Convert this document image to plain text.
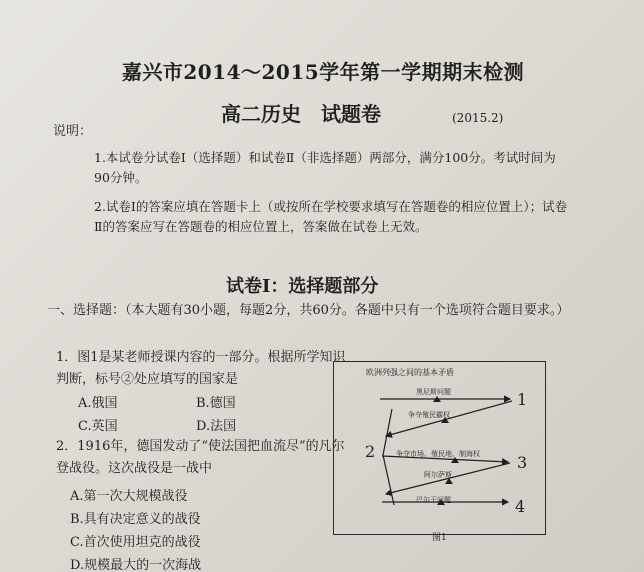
嘉兴市2014～2015学年第一学期期末检测
高二历史　试题卷	(2015.2)
说明：
1.本试卷分试卷Ⅰ（选择题）和试卷Ⅱ（非选择题）两部分，满分100分。考试时间为90分钟。
2.试卷Ⅰ的答案应填在答题卡上（或按所在学校要求填写在答题卷的相应位置上）；试卷Ⅱ的答案应写在答题卷的相应位置上，答案做在试卷上无效。
试卷Ⅰ：选择题部分
一、选择题：（本大题有30小题，每题2分，共60分。各题中只有一个选项符合题目要求。）
1．图1是某老师授课内容的一部分。根据所学知识判断，标号②处应填写的国家是
A.俄国	B.德国
C.英国	D.法国
2．1916年，德国发动了“使法国把血流尽”的凡尔登战役。这次战役是一战中
A.第一次大规模战役
B.具有决定意义的战役
C.首次使用坦克的战役
D.规模最大的一次海战
欧洲列强之间的基本矛盾
黑尼斯问题
争夺殖民霸权
争夺市场、殖民地、制海权
阿尔萨斯
巴尔干问题
1
2
3
4
图1
